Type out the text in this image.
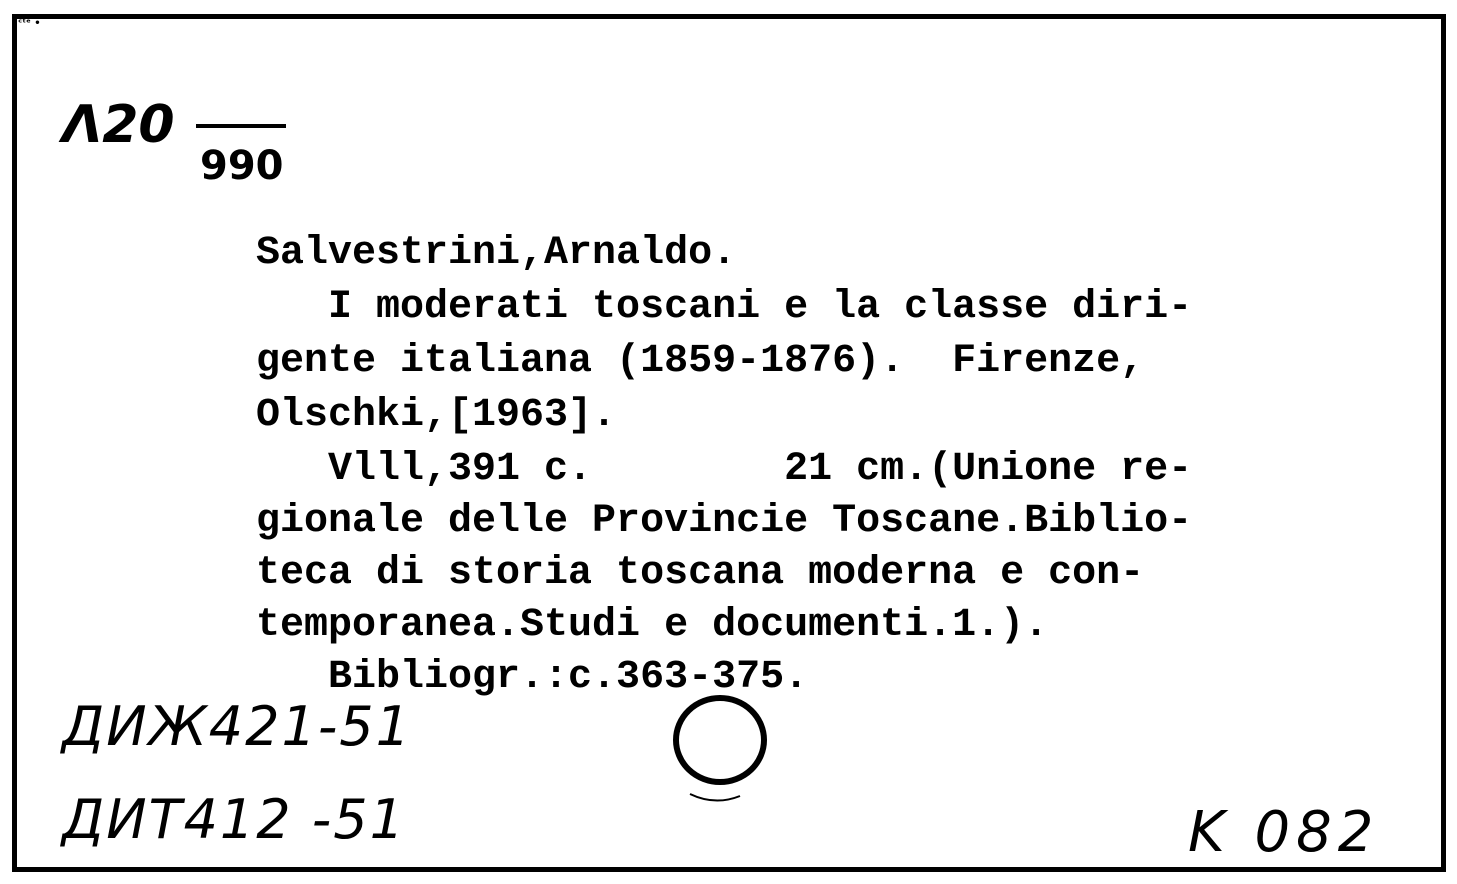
ᶜᵗᵉ •
Λ20
990
Salvestrini,Arnaldo.
I moderati toscani e la classe diri-
gente italiana (1859-1876).  Firenze,
Olschki,[1963].
Vlll,391 c.        21 cm.(Unione re-
gionale delle Provincie Toscane.Biblio-
teca di storia toscana moderna e con-
temporanea.Studi e documenti.1.).
Bibliogr.:c.363-375.
ДИЖ421-51
ДИТ412 -51	K 082
